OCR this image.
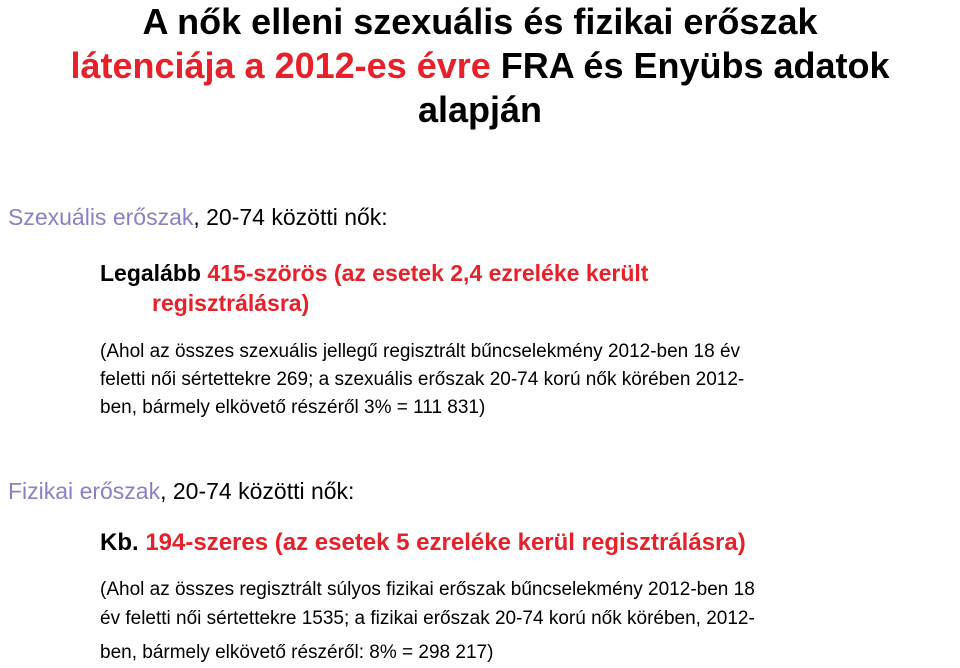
A nők elleni szexuális és fizikai erőszak
látenciája a 2012-es évre FRA és Enyübs adatok
alapján
Szexuális erőszak, 20-74 közötti nők:
Legalább 415-szörös (az esetek 2,4 ezreléke került
regisztrálásra)
(Ahol az összes szexuális jellegű regisztrált bűncselekmény 2012-ben 18 év
feletti női sértettekre 269; a szexuális erőszak 20-74 korú nők körében 2012-
ben, bármely elkövető részéről 3% = 111 831)
Fizikai erőszak, 20-74 közötti nők:
Kb. 194-szeres (az esetek 5 ezreléke kerül regisztrálásra)
(Ahol az összes regisztrált súlyos fizikai erőszak bűncselekmény 2012-ben 18
év feletti női sértettekre 1535; a fizikai erőszak 20-74 korú nők körében, 2012-
ben, bármely elkövető részéről: 8% = 298 217)
